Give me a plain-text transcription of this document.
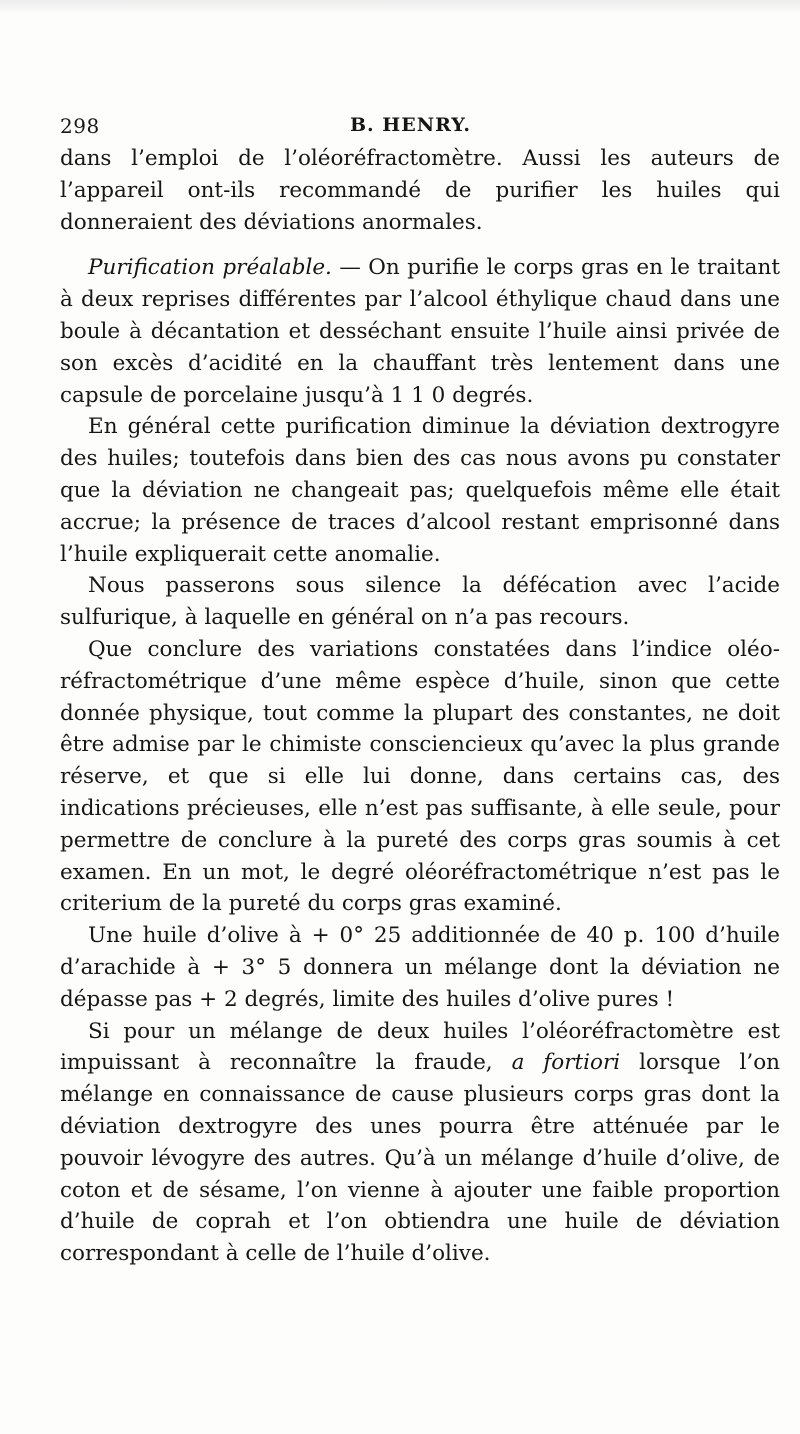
298	B. HENRY.

dans l’emploi de l’oléoréfractomètre. Aussi les auteurs de l’appareil ont-ils recommandé de purifier les huiles qui donneraient des déviations anormales.

Purification préalable. — On purifie le corps gras en le traitant à deux reprises différentes par l’alcool éthylique chaud dans une boule à décantation et desséchant ensuite l’huile ainsi privée de son excès d’acidité en la chauffant très lentement dans une capsule de porcelaine jusqu’à 1 1 0 degrés.

En général cette purification diminue la déviation dextrogyre des huiles; toutefois dans bien des cas nous avons pu constater que la déviation ne changeait pas; quelquefois même elle était accrue; la présence de traces d’alcool restant emprisonné dans l’huile expliquerait cette anomalie.

Nous passerons sous silence la défécation avec l’acide sulfurique, à laquelle en général on n’a pas recours.

Que conclure des variations constatées dans l’indice oléo-réfractométrique d’une même espèce d’huile, sinon que cette donnée physique, tout comme la plupart des constantes, ne doit être admise par le chimiste consciencieux qu’avec la plus grande réserve, et que si elle lui donne, dans certains cas, des indications précieuses, elle n’est pas suffisante, à elle seule, pour permettre de conclure à la pureté des corps gras soumis à cet examen. En un mot, le degré oléoréfractométrique n’est pas le criterium de la pureté du corps gras examiné.

Une huile d’olive à + 0° 25 additionnée de 40 p. 100 d’huile d’arachide à + 3° 5 donnera un mélange dont la déviation ne dépasse pas + 2 degrés, limite des huiles d’olive pures !

Si pour un mélange de deux huiles l’oléoréfractomètre est impuissant à reconnaître la fraude, a fortiori lorsque l’on mélange en connaissance de cause plusieurs corps gras dont la déviation dextrogyre des unes pourra être atténuée par le pouvoir lévogyre des autres. Qu’à un mélange d’huile d’olive, de coton et de sésame, l’on vienne à ajouter une faible proportion d’huile de coprah et l’on obtiendra une huile de déviation correspondant à celle de l’huile d’olive.
